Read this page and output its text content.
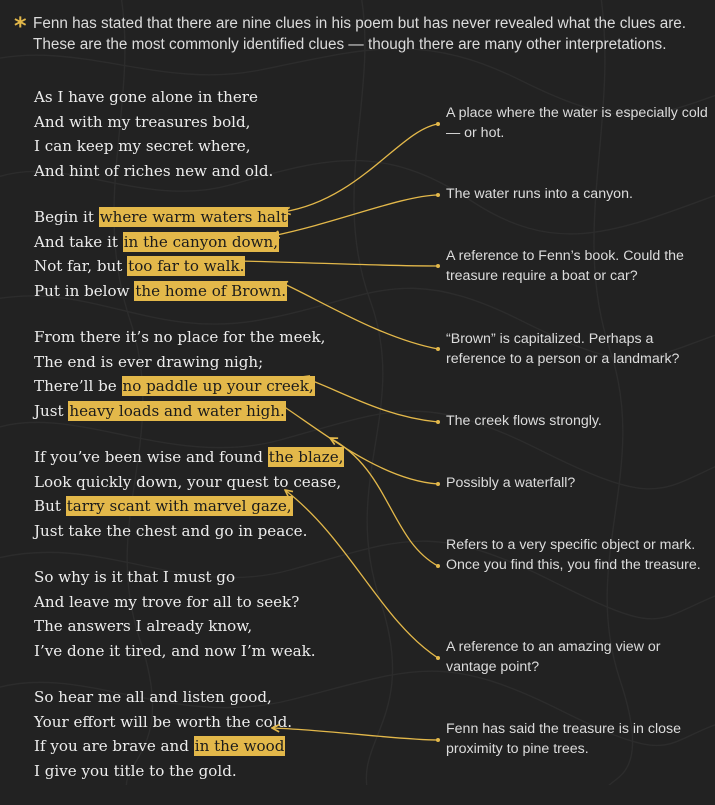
* Fenn has stated that there are nine clues in his poem but has never revealed what the clues are. These are the most commonly identified clues — though there are many other interpretations.

As I have gone alone in there
And with my treasures bold,
I can keep my secret where,
And hint of riches new and old.
Begin it where warm waters halt
And take it in the canyon down,
Not far, but too far to walk.
Put in below the home of Brown.
From there it’s no place for the meek,
The end is ever drawing nigh;
There’ll be no paddle up your creek,
Just heavy loads and water high.
If you’ve been wise and found the blaze,
Look quickly down, your quest to cease,
But tarry scant with marvel gaze,
Just take the chest and go in peace.
So why is it that I must go
And leave my trove for all to seek?
The answers I already know,
I’ve done it tired, and now I’m weak.
So hear me all and listen good,
Your effort will be worth the cold.
If you are brave and in the wood
I give you title to the gold.
A place where the water is especially cold — or hot.
The water runs into a canyon.
A reference to Fenn’s book. Could the treasure require a boat or car?
“Brown” is capitalized. Perhaps a reference to a person or a landmark?
The creek flows strongly.
Possibly a waterfall?
Refers to a very specific object or mark. Once you find this, you find the treasure.
A reference to an amazing view or vantage point?
Fenn has said the treasure is in close proximity to pine trees.
